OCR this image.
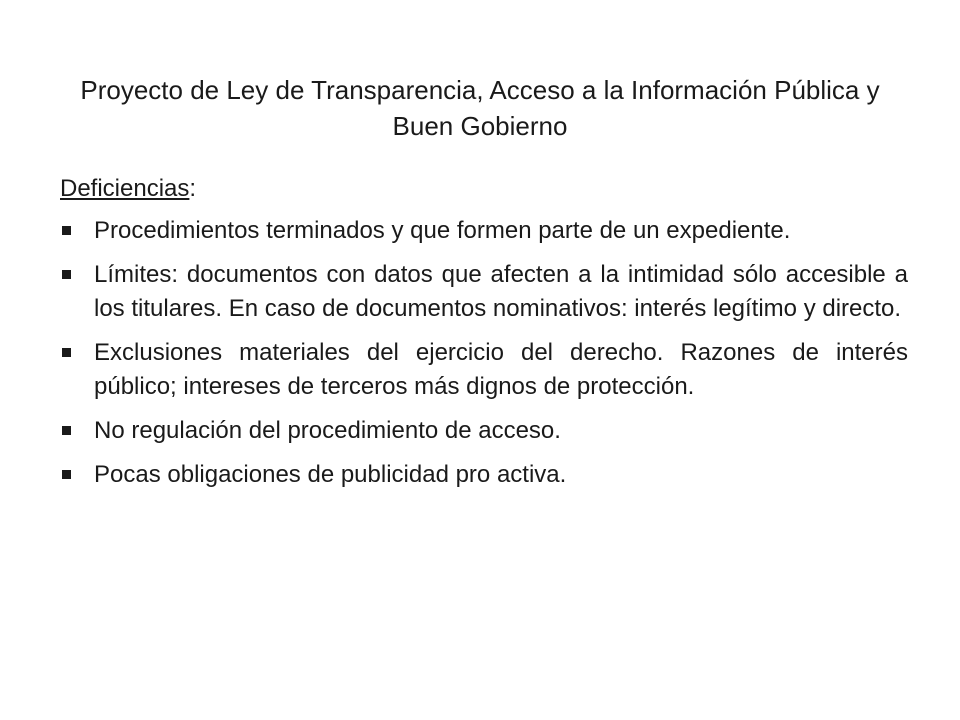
Proyecto de Ley de Transparencia, Acceso a la Información Pública y Buen Gobierno

Deficiencias:

Procedimientos terminados y que formen parte de un expediente.
Límites: documentos con datos que afecten a la intimidad sólo accesible a los titulares. En caso de documentos nominativos: interés legítimo y directo.
Exclusiones materiales del ejercicio del derecho. Razones de interés público; intereses de terceros más dignos de protección.
No regulación del procedimiento de acceso.
Pocas obligaciones de publicidad pro activa.
